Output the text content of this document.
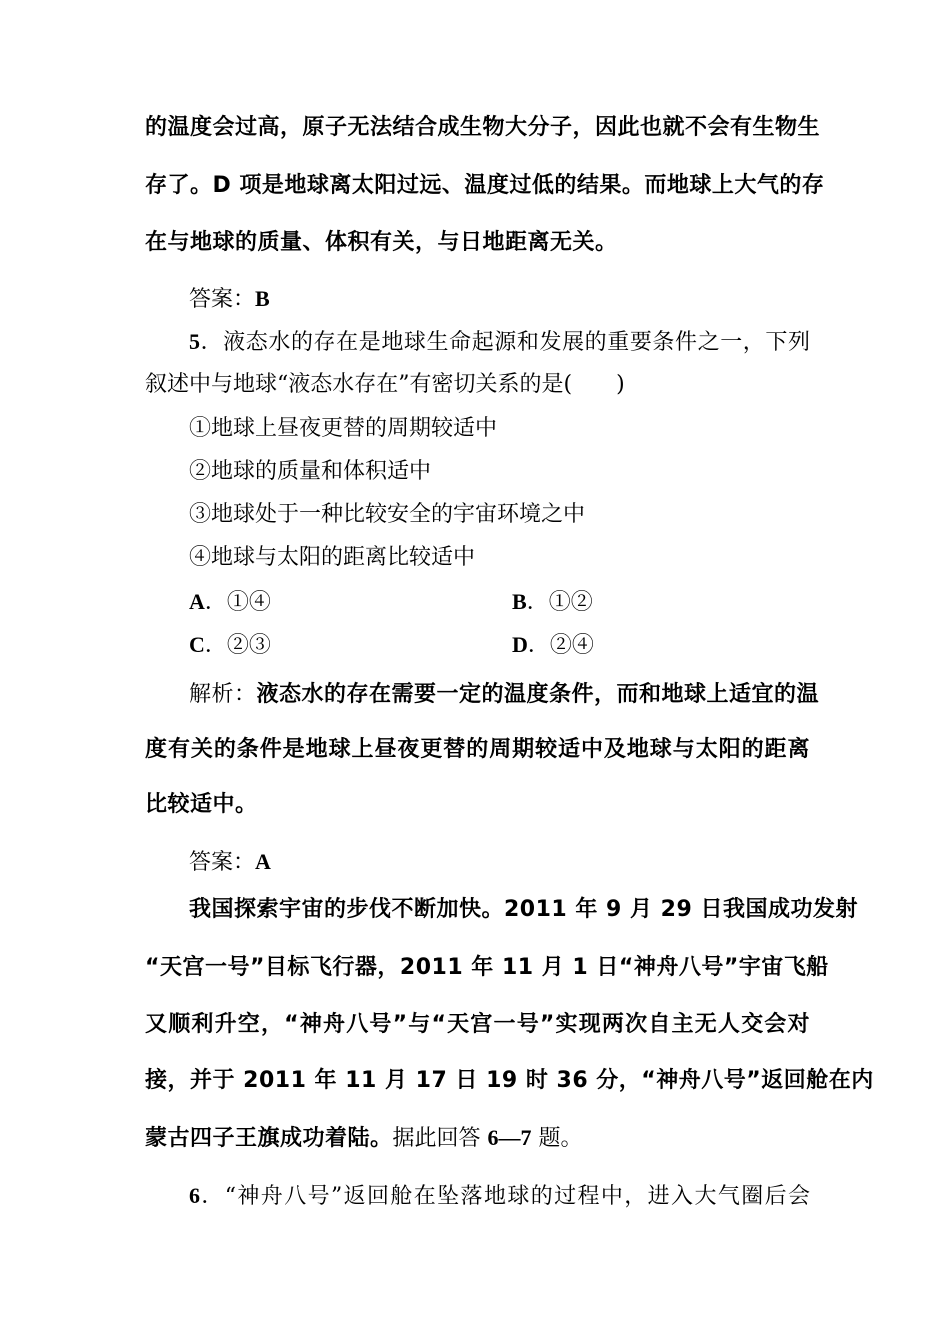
的温度会过高，原子无法结合成生物大分子，因此也就不会有生物生
存了。D 项是地球离太阳过远、温度过低的结果。而地球上大气的存
在与地球的质量、体积有关，与日地距离无关。
答案：B
5．液态水的存在是地球生命起源和发展的重要条件之一，下列
叙述中与地球“液态水存在”有密切关系的是(　　)
①地球上昼夜更替的周期较适中
②地球的质量和体积适中
③地球处于一种比较安全的宇宙环境之中
④地球与太阳的距离比较适中
A．①④	B．①②
C．②③	D．②④
解析：液态水的存在需要一定的温度条件，而和地球上适宜的温
度有关的条件是地球上昼夜更替的周期较适中及地球与太阳的距离
比较适中。
答案：A
我国探索宇宙的步伐不断加快。2011 年 9 月 29 日我国成功发射
“天宫一号”目标飞行器，2011 年 11 月 1 日“神舟八号”宇宙飞船
又顺利升空，“神舟八号”与“天宫一号”实现两次自主无人交会对
接，并于 2011 年 11 月 17 日 19 时 36 分，“神舟八号”返回舱在内
蒙古四子王旗成功着陆。据此回答 6—7 题。
6．“神舟八号”返回舱在坠落地球的过程中，进入大气圈后会
